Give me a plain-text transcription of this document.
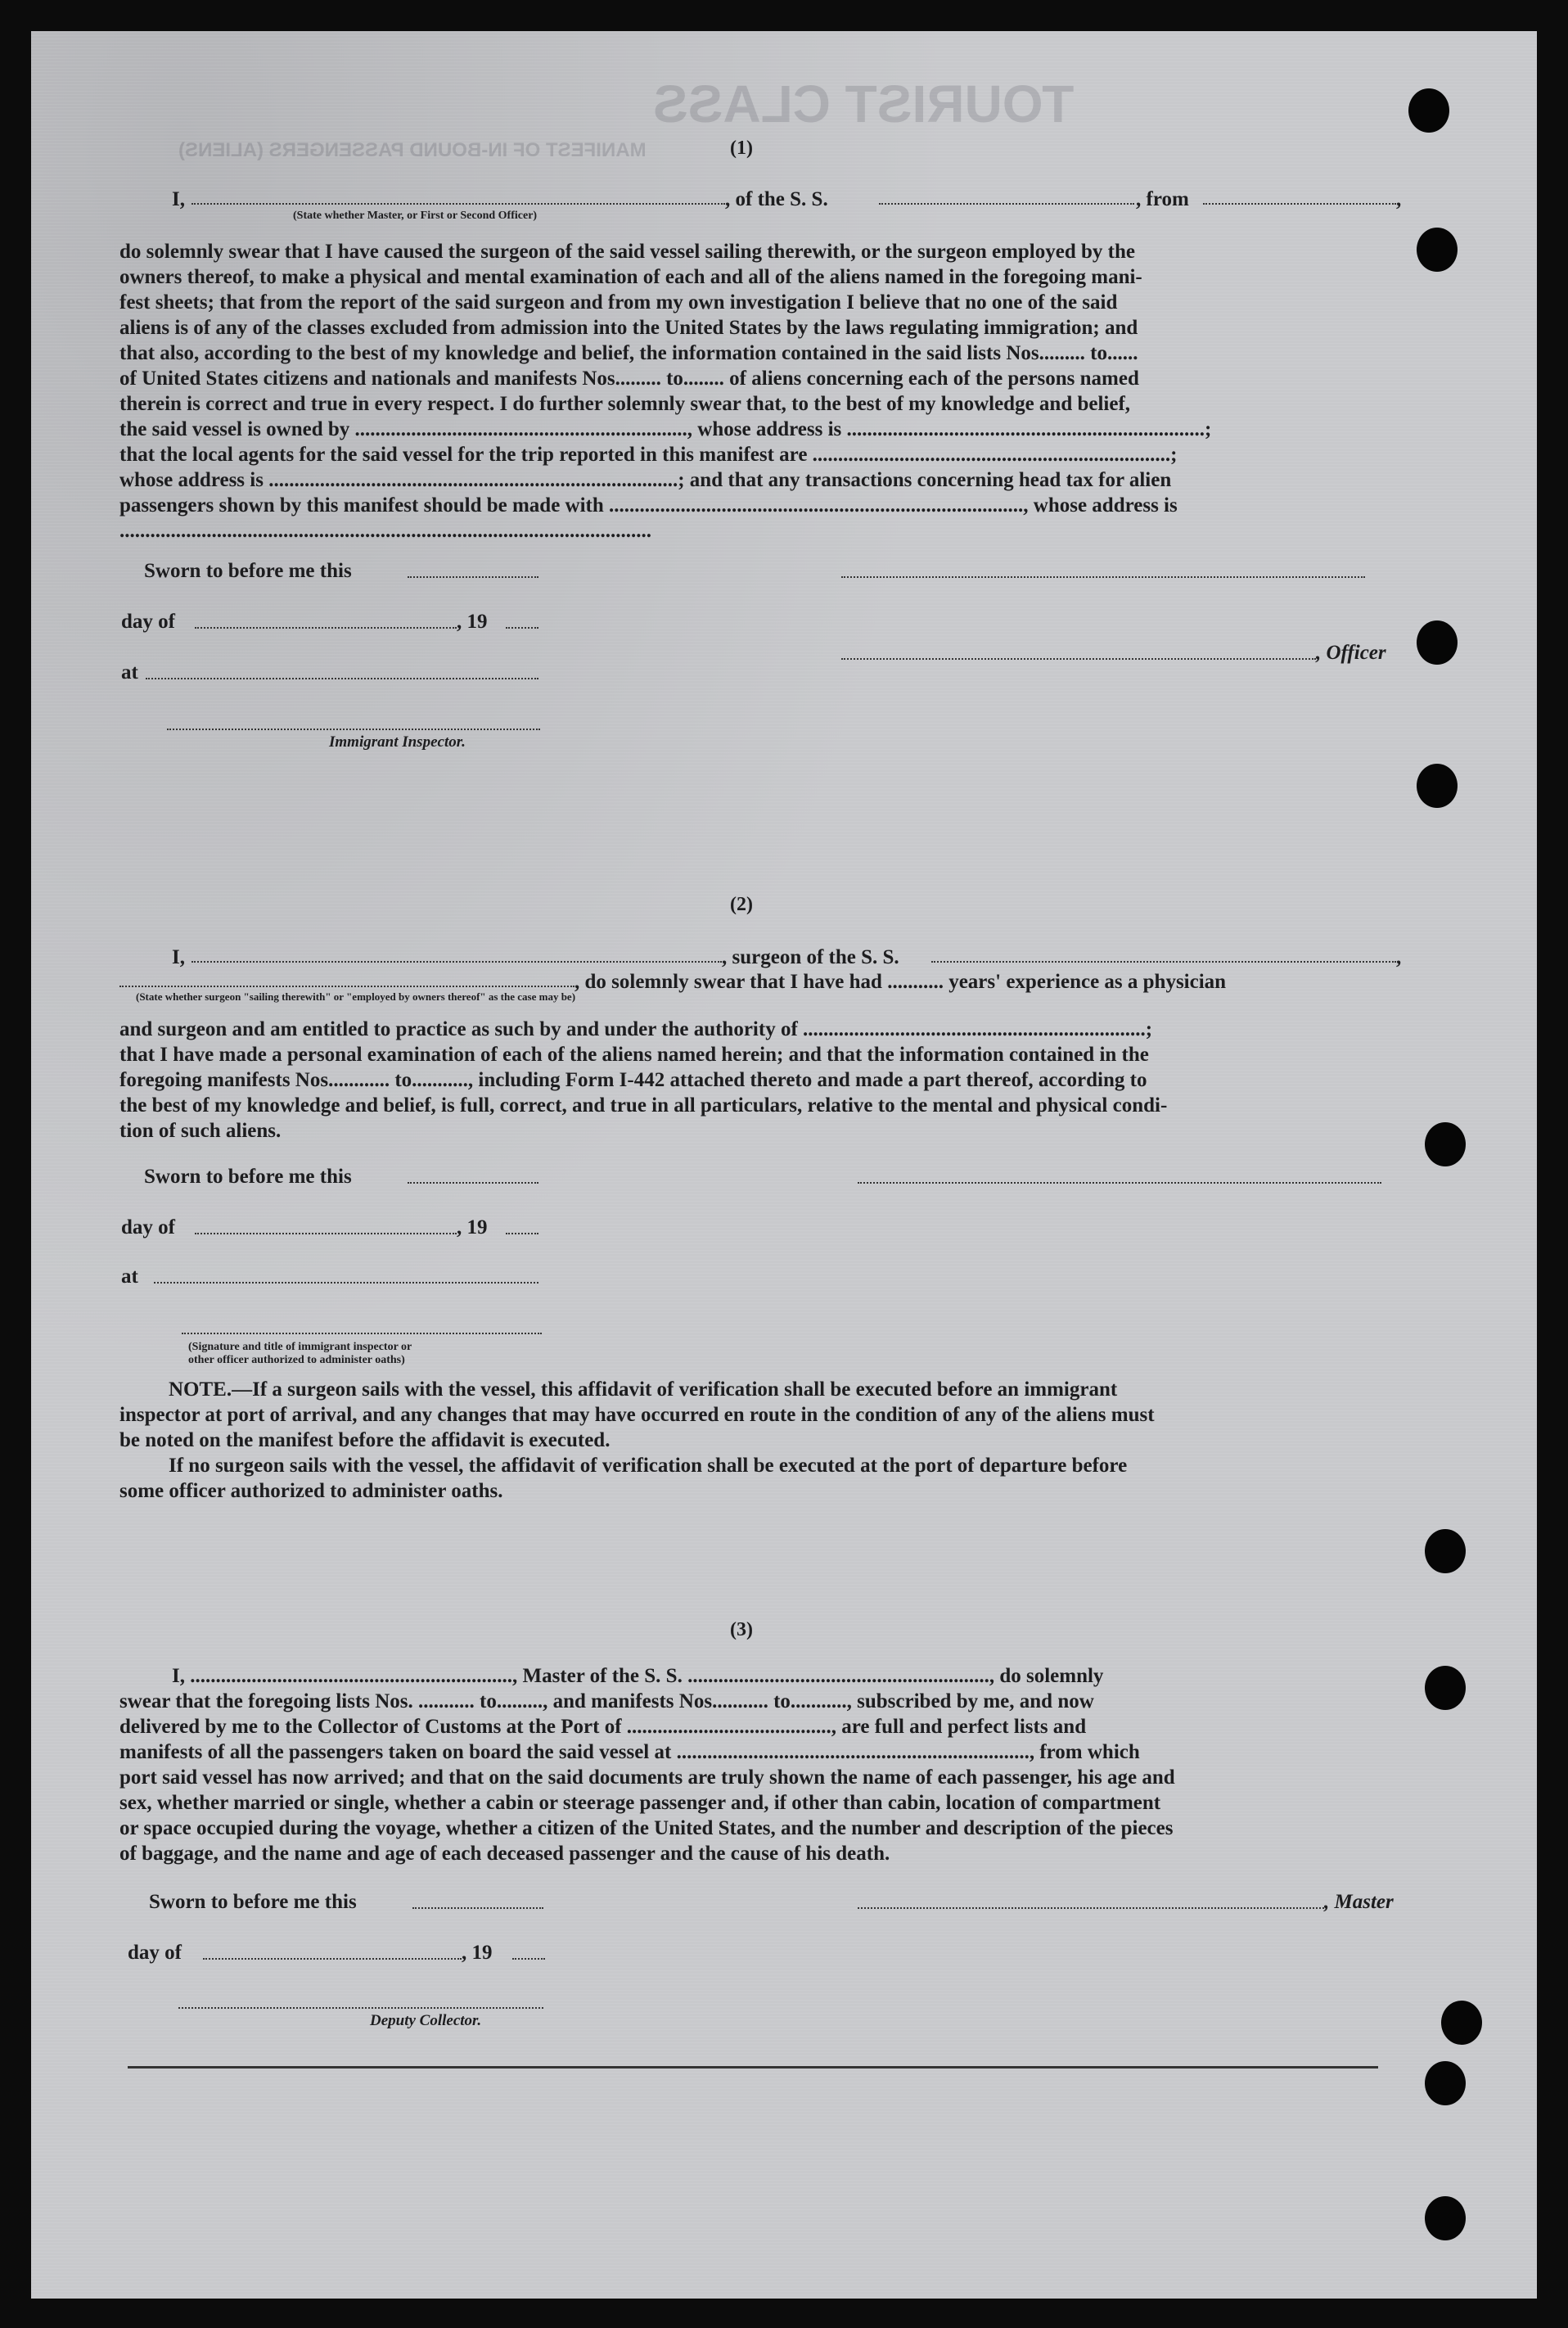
TOURIST CLASS
MANIFEST OF IN-BOUND PASSENGERS (ALIENS)	(1)
I,	, of the S. S.	, from	,
(State whether Master, or First or Second Officer)
do solemnly swear that I have caused the surgeon of the said vessel sailing therewith, or the surgeon employed by the
owners thereof, to make a physical and mental examination of each and all of the aliens named in the foregoing mani-
fest sheets; that from the report of the said surgeon and from my own investigation I believe that no one of the said
aliens is of any of the classes excluded from admission into the United States by the laws regulating immigration; and
that also, according to the best of my knowledge and belief, the information contained in the said lists Nos......... to......
of United States citizens and nationals and manifests Nos......... to........ of aliens concerning each of the persons named
therein is correct and true in every respect. I do further solemnly swear that, to the best of my knowledge and belief,
the said vessel is owned by ................................................................., whose address is ......................................................................;
that the local agents for the said vessel for the trip reported in this manifest are ......................................................................;
whose address is ................................................................................; and that any transactions concerning head tax for alien
passengers shown by this manifest should be made with ................................................................................., whose address is
........................................................................................................
Sworn to before me this
day of	, 19
, Officer
at
Immigrant Inspector.
(2)
I,	, surgeon of the S. S.	,
, do solemnly swear that I have had ........... years' experience as a physician
(State whether surgeon "sailing therewith" or "employed by owners thereof" as the case may be)
and surgeon and am entitled to practice as such by and under the authority of ...................................................................;
that I have made a personal examination of each of the aliens named herein; and that the information contained in the
foregoing manifests Nos............ to..........., including Form I-442 attached thereto and made a part thereof, according to
the best of my knowledge and belief, is full, correct, and true in all particulars, relative to the mental and physical condi-
tion of such aliens.
Sworn to before me this
day of	, 19
at
(Signature and title of immigrant inspector or
other officer authorized to administer oaths)
NOTE.—If a surgeon sails with the vessel, this affidavit of verification shall be executed before an immigrant
inspector at port of arrival, and any changes that may have occurred en route in the condition of any of the aliens must
be noted on the manifest before the affidavit is executed.
If no surgeon sails with the vessel, the affidavit of verification shall be executed at the port of departure before
some officer authorized to administer oaths.
(3)
I, ..............................................................., Master of the S. S. ..........................................................., do solemnly
swear that the foregoing lists Nos. ........... to........., and manifests Nos........... to..........., subscribed by me, and now
delivered by me to the Collector of Customs at the Port of ........................................, are full and perfect lists and
manifests of all the passengers taken on board the said vessel at ....................................................................., from which
port said vessel has now arrived; and that on the said documents are truly shown the name of each passenger, his age and
sex, whether married or single, whether a cabin or steerage passenger and, if other than cabin, location of compartment
or space occupied during the voyage, whether a citizen of the United States, and the number and description of the pieces
of baggage, and the name and age of each deceased passenger and the cause of his death.
Sworn to before me this	, Master
day of	, 19
Deputy Collector.
